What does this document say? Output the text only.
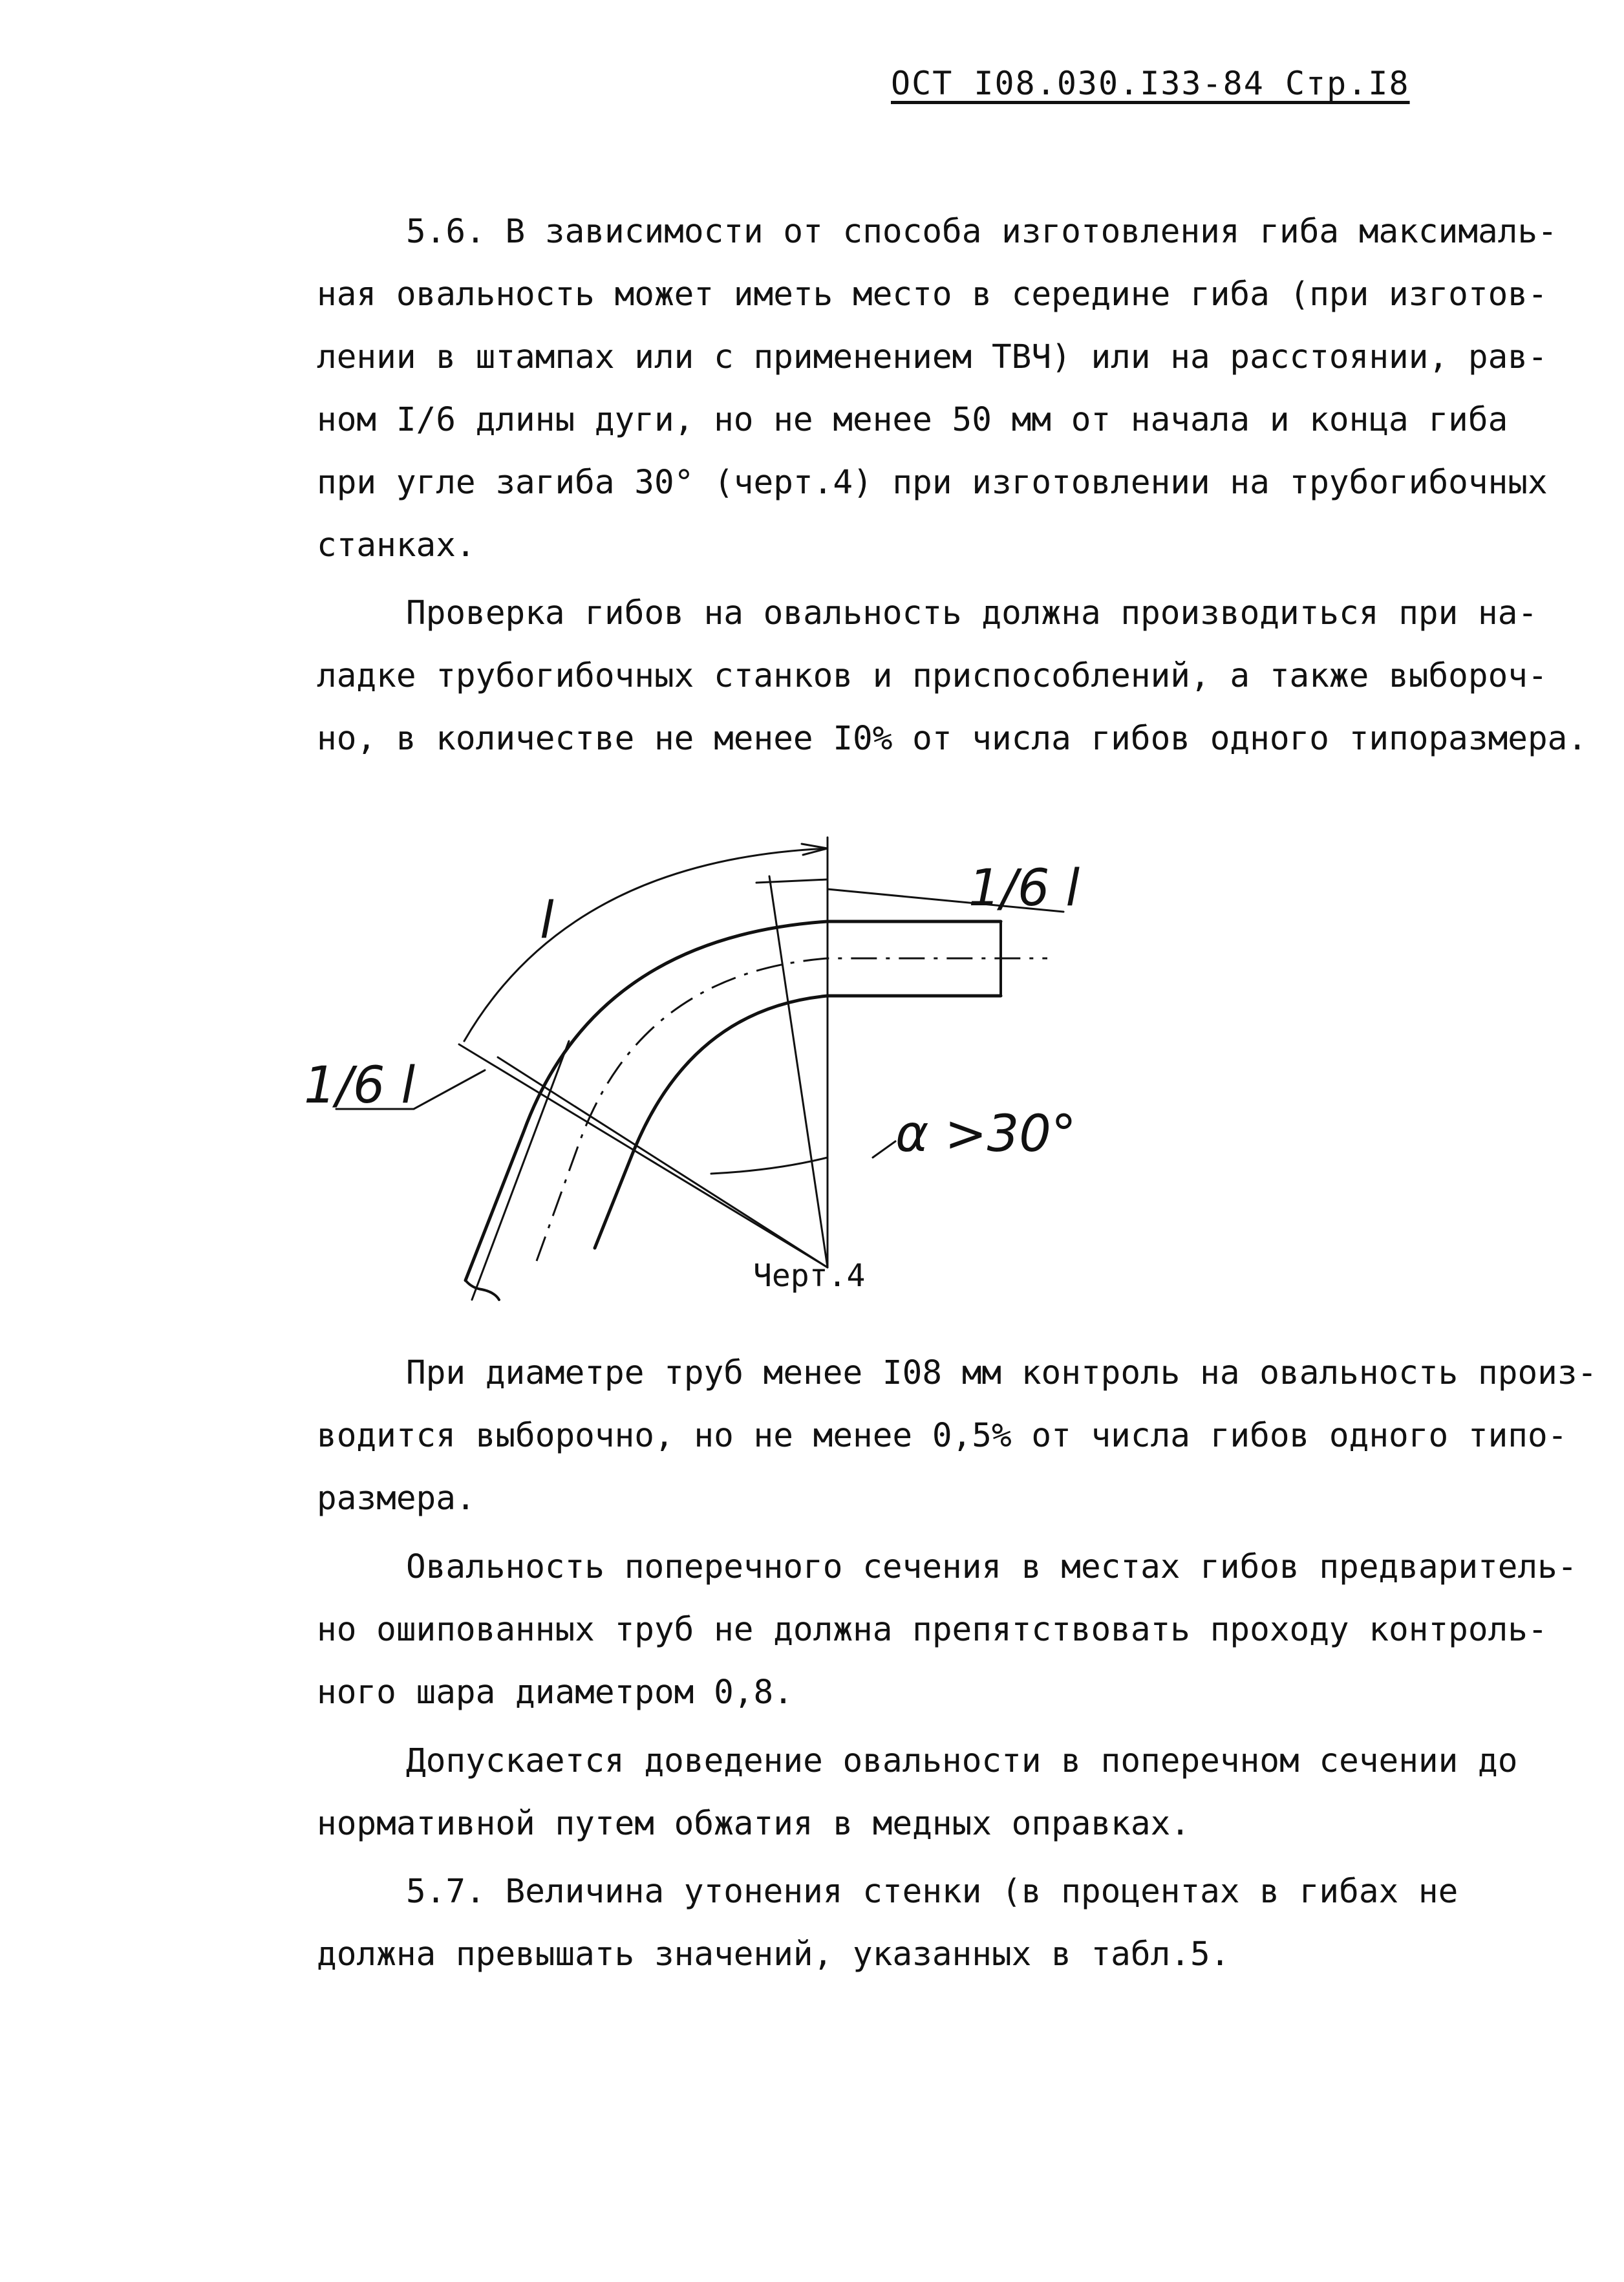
ОСТ I08.030.I33-84 Стр.I8

5.6. В зависимости от способа изготовления гиба максималь-

ная овальность может иметь место в середине гиба (при изготов-

лении в штампах или с применением ТВЧ) или на расстоянии, рав-

ном I/6 длины дуги, но не менее 50 мм от начала и конца гиба

при угле загиба 30° (черт.4) при изготовлении на трубогибочных

станках.

Проверка гибов на овальность должна производиться при на-

ладке трубогибочных станков и приспособлений, а также выбороч-

но, в количестве не менее I0% от числа гибов одного типоразмера.

1/6 l
1/6 l
l
α >30°
Черт.4

При диаметре труб менее I08 мм контроль на овальность произ-

водится выборочно, но не менее 0,5% от числа гибов одного типо-

размера.

Овальность поперечного сечения в местах гибов предваритель-

но ошипованных труб не должна препятствовать проходу контроль-

ного шара диаметром 0,8.

Допускается доведение овальности в поперечном сечении до

нормативной путем обжатия в медных оправках.

5.7. Величина утонения стенки (в процентах в гибах не

должна превышать значений, указанных в табл.5.
